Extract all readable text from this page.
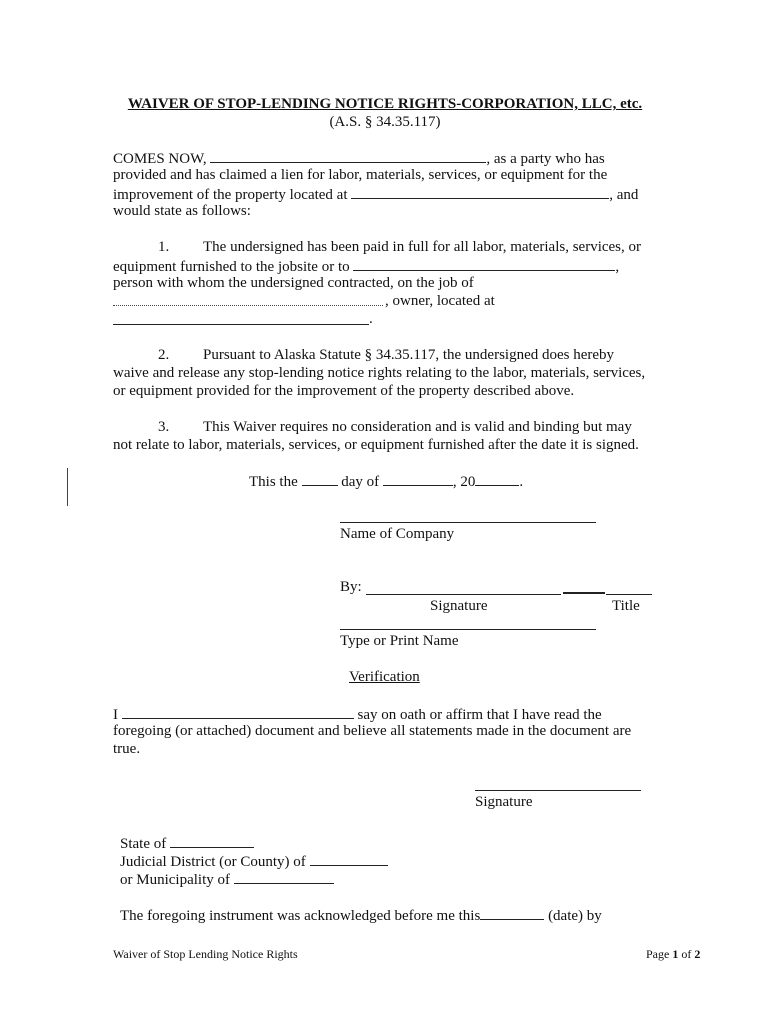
WAIVER OF STOP-LENDING NOTICE RIGHTS-CORPORATION, LLC, etc.
(A.S. § 34.35.117)
COMES NOW,	, as a party who has
provided and has claimed a lien for labor, materials, services, or equipment for the
improvement of the property located at	, and
would state as follows:
1. The undersigned has been paid in full for all labor, materials, services, or
equipment furnished to the jobsite or to	,
person with whom the undersigned contracted, on the job of
, owner, located at
.
2. Pursuant to Alaska Statute § 34.35.117, the undersigned does hereby
waive and release any stop-lending notice rights relating to the labor, materials, services,
or equipment provided for the improvement of the property described above.
3. This Waiver requires no consideration and is valid and binding but may
not relate to labor, materials, services, or equipment furnished after the date it is signed.
This the	day of	, 20	.
Name of Company
By:
Signature	Title
Type or Print Name
Verification
I	say on oath or affirm that I have read the
foregoing (or attached) document and believe all statements made in the document are
true.
Signature
State of
Judicial District (or County) of
or Municipality of
The foregoing instrument was acknowledged before me this	(date) by
Waiver of Stop Lending Notice Rights	Page 1 of 2
